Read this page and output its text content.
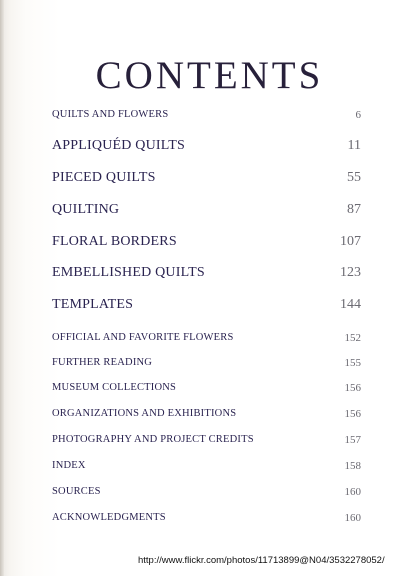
CONTENTS
QUILTS AND FLOWERS	6
APPLIQUÉD QUILTS	11
PIECED QUILTS	55
QUILTING	87
FLORAL BORDERS	107
EMBELLISHED QUILTS	123
TEMPLATES	144
OFFICIAL AND FAVORITE FLOWERS	152
FURTHER READING	155
MUSEUM COLLECTIONS	156
ORGANIZATIONS AND EXHIBITIONS	156
PHOTOGRAPHY AND PROJECT CREDITS	157
INDEX	158
SOURCES	160
ACKNOWLEDGMENTS	160
http://www.flickr.com/photos/11713899@N04/3532278052/
